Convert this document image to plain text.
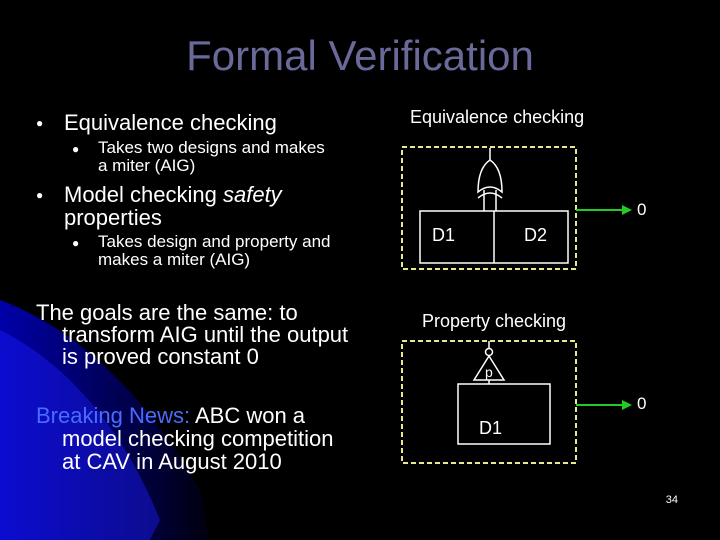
Formal Verification
● Equivalence checking
● Takes two designs and makes
a miter (AIG)
● Model checking safety
properties
● Takes design and property and
makes a miter (AIG)
The goals are the same: to
transform AIG until the output
is proved constant 0
Breaking News: ABC won a
model checking competition
at CAV in August 2010
Equivalence checking
D1	D2
0
Property checking
p
D1
0
34
